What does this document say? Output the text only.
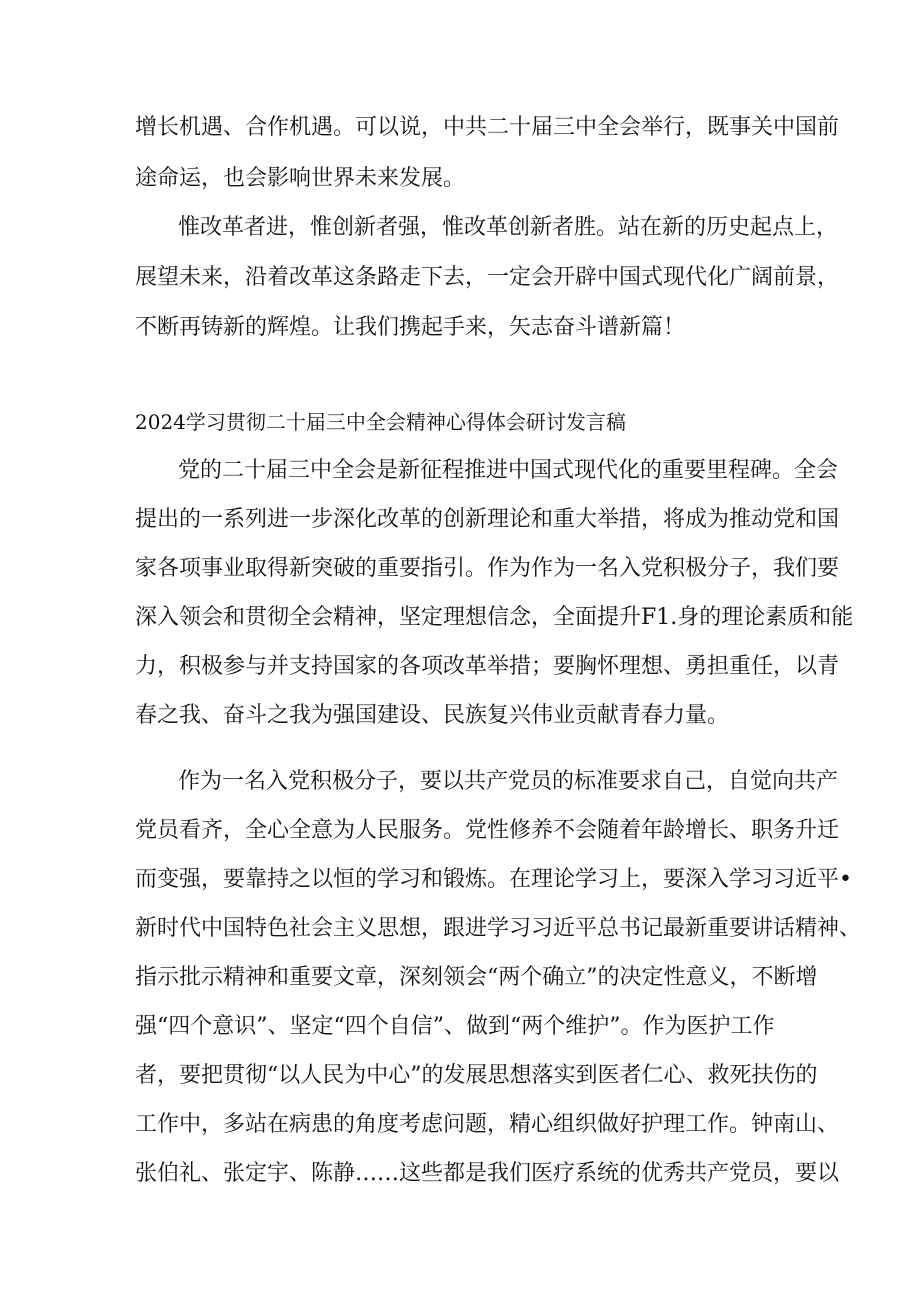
增长机遇、合作机遇。可以说，中共二十届三中全会举行，既事关中国前
途命运，也会影响世界未来发展。
惟改革者进，惟创新者强，惟改革创新者胜。站在新的历史起点上，
展望未来，沿着改革这条路走下去，一定会开辟中国式现代化广阔前景，
不断再铸新的辉煌。让我们携起手来，矢志奋斗谱新篇！
2024学习贯彻二十届三中全会精神心得体会研讨发言稿
党的二十届三中全会是新征程推进中国式现代化的重要里程碑。全会
提出的一系列进一步深化改革的创新理论和重大举措，将成为推动党和国
家各项事业取得新突破的重要指引。作为作为一名入党积极分子，我们要
深入领会和贯彻全会精神，坚定理想信念，全面提升F1.身的理论素质和能
力，积极参与并支持国家的各项改革举措；要胸怀理想、勇担重任，以青
春之我、奋斗之我为强国建设、民族复兴伟业贡献青春力量。
作为一名入党积极分子，要以共产党员的标准要求自己，自觉向共产
党员看齐，全心全意为人民服务。党性修养不会随着年龄增长、职务升迁
而变强，要靠持之以恒的学习和锻炼。在理论学习上，要深入学习习近平•
新时代中国特色社会主义思想，跟进学习习近平总书记最新重要讲话精神、
指示批示精神和重要文章，深刻领会“两个确立”的决定性意义，不断增
强“四个意识”、坚定“四个自信”、做到“两个维护”。作为医护工作
者，要把贯彻“以人民为中心”的发展思想落实到医者仁心、救死扶伤的
工作中，多站在病患的角度考虑问题，精心组织做好护理工作。钟南山、
张伯礼、张定宇、陈静……这些都是我们医疗系统的优秀共产党员，要以
